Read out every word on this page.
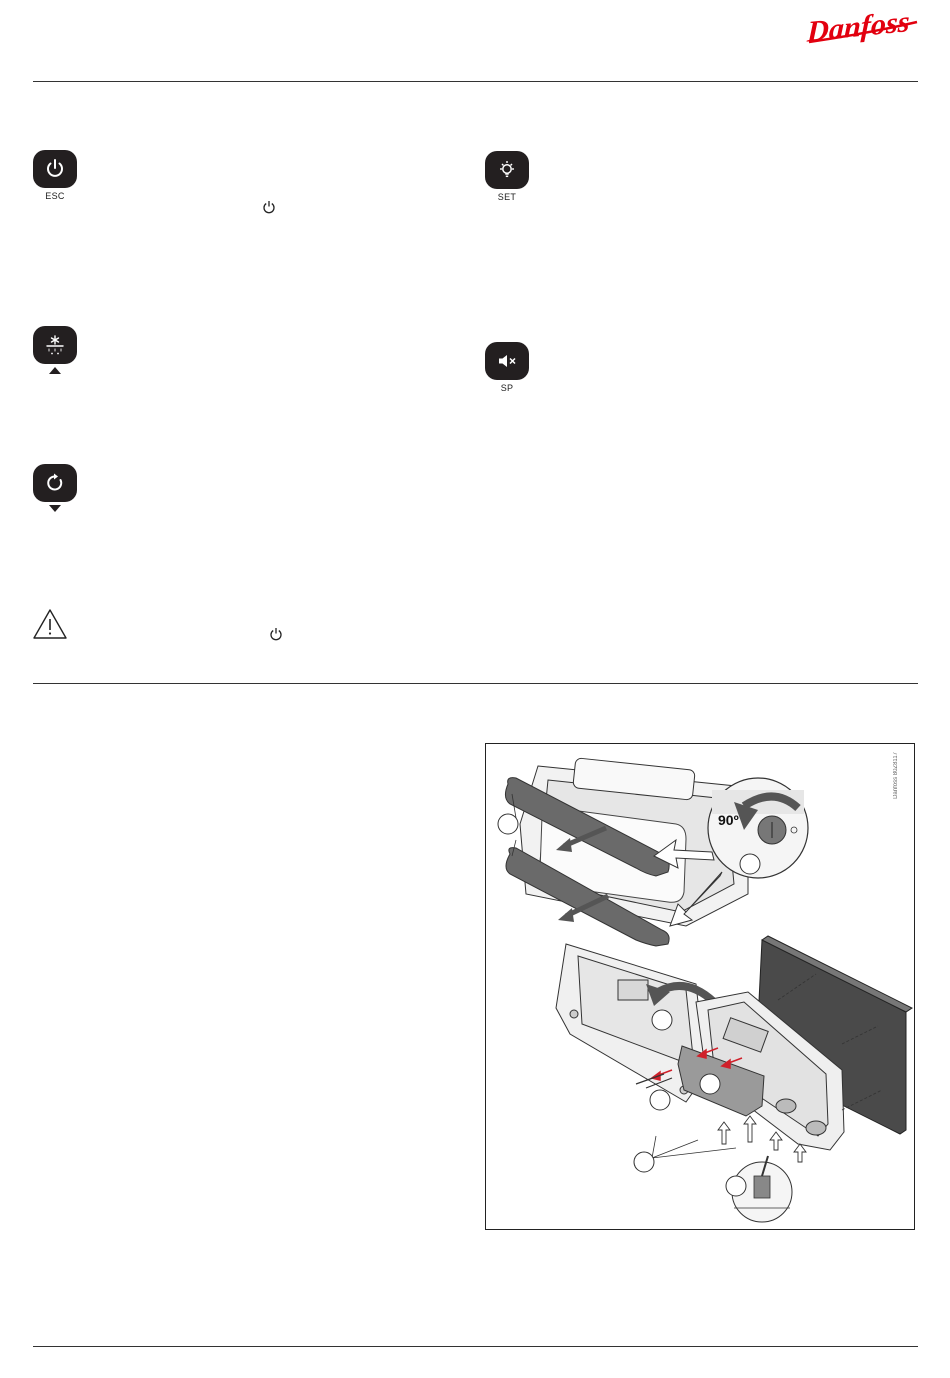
Danfoss
ESC	SET
SP
90º
Danfoss 80Z8117
